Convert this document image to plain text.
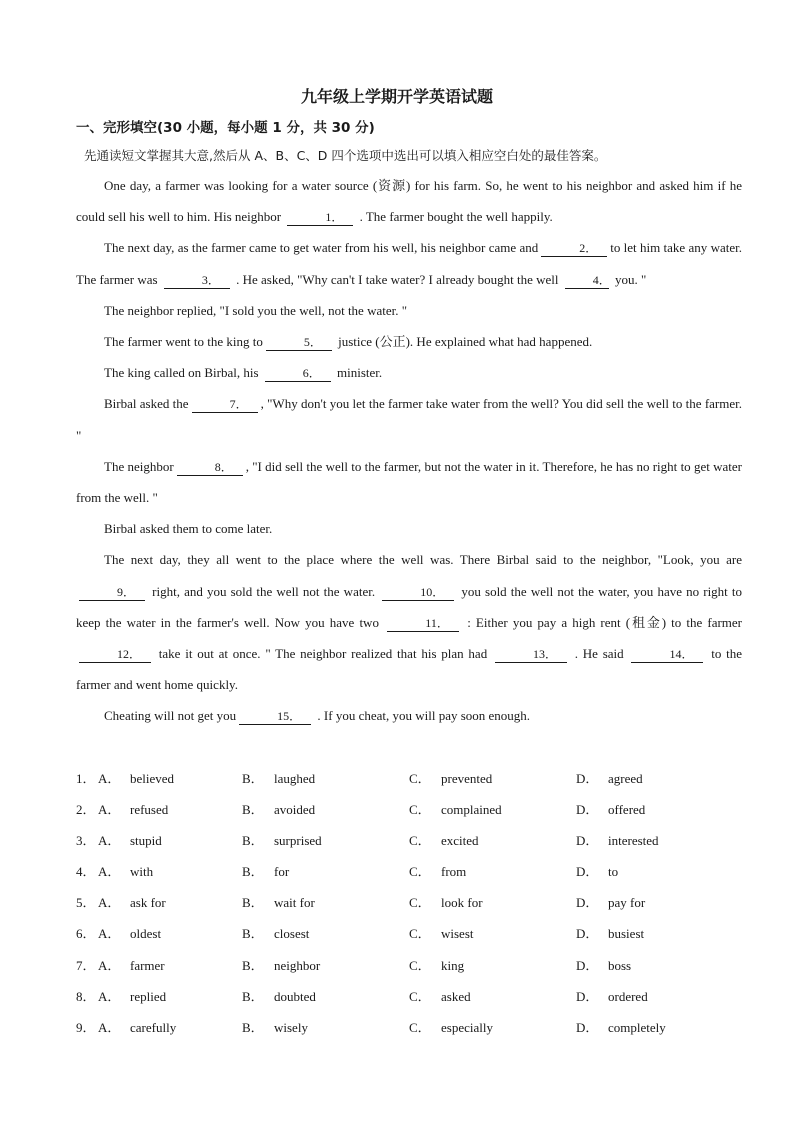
九年级上学期开学英语试题
一、完形填空(30 小题，每小题 1 分，共 30 分)
先通读短文掌握其大意,然后从 A、B、C、D 四个选项中选出可以填入相应空白处的最佳答案。

One day, a farmer was looking for a water source (资源) for his farm. So, he went to his neighbor and asked him if he could sell his well to him. His neighbor	1． . The farmer bought the well happily.

The next day, as the farmer came to get water from his well, his neighbor came and	2． to let him take any water. The farmer was	3． . He asked, "Why can't I take water? I already bought the well	4． you. "

The neighbor replied, "I sold you the well, not the water. "

The farmer went to the king to	5． justice (公正). He explained what had happened.

The king called on Birbal, his	6． minister.

Birbal asked the	7． , "Why don't you let the farmer take water from the well? You did sell the well to the farmer. "

The neighbor	8． , "I did sell the well to the farmer, but not the water in it. Therefore, he has no right to get water from the well. "

Birbal asked them to come later.

The next day, they all went to the place where the well was. There Birbal said to the neighbor, "Look, you are9． right, and you sold the well not the water.	10． you sold the well not the water, you have no right to keep the water in the farmer's well. Now you have two	11． : Either you pay a high rent (租金) to the farmer 12． take it out at once. " The neighbor realized that his plan had	13． . He said	14． to the farmer and went home quickly.

Cheating will not get you	15． . If you cheat, you will pay soon enough.

1． A． believed	B． laughed	C． prevented	D． agreed
2． A． refused	B． avoided	C． complained	D． offered
3． A． stupid	B． surprised	C． excited	D． interested
4． A． with	B． for	C． from	D． to
5． A． ask for	B． wait for	C． look for	D． pay for
6． A． oldest	B． closest	C． wisest	D． busiest
7． A． farmer	B． neighbor	C． king	D． boss
8． A． replied	B． doubted	C． asked	D． ordered
9． A． carefully	B． wisely	C． especially	D． completely
